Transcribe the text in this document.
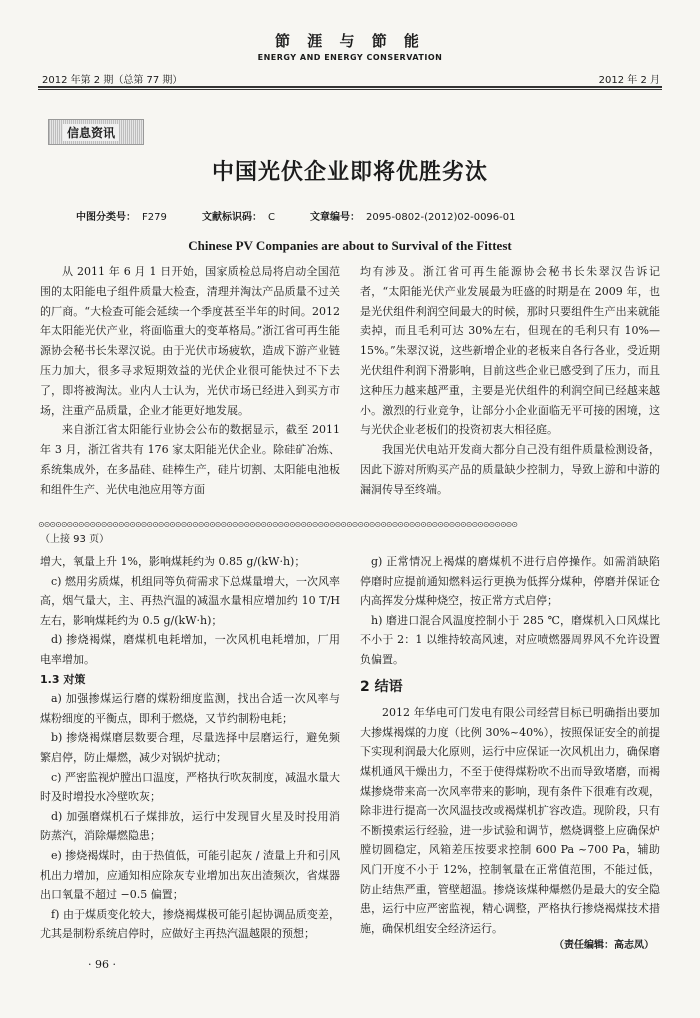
2012 年第 2 期（总第 77 期）
節 涯 与 節 能
ENERGY AND ENERGY CONSERVATION
2012 年 2 月
信息资讯
中国光伏企业即将优胜劣汰
中图分类号： F279	文献标识码： C	文章编号： 2095-0802-(2012)02-0096-01
Chinese PV Companies are about to Survival of the Fittest

从 2011 年 6 月 1 日开始，国家质检总局将启动全国范围的太阳能电子组件质量大检查，清理并淘汰产品质量不过关的厂商。“大检查可能会延续一个季度甚至半年的时间。2012 年太阳能光伏产业，将面临重大的变革格局。”浙江省可再生能源协会秘书长朱翠汉说。由于光伏市场疲软，造成下游产业链压力加大，很多寻求短期效益的光伏企业很可能快过不下去了，即将被淘汰。业内人士认为，光伏市场已经进入到买方市场，注重产品质量，企业才能更好地发展。

来自浙江省太阳能行业协会公布的数据显示，截至 2011 年 3 月，浙江省共有 176 家太阳能光伏企业。除硅矿冶炼、系统集成外，在多晶硅、硅棒生产，硅片切割、太阳能电池板和组件生产、光伏电池应用等方面

均有涉及。浙江省可再生能源协会秘书长朱翠汉告诉记者，“太阳能光伏产业发展最为旺盛的时期是在 2009 年，也是光伏组件利润空间最大的时候，那时只要组件生产出来就能卖掉，而且毛利可达 30%左右，但现在的毛利只有 10%—15%。”朱翠汉说，这些新增企业的老板来自各行各业，受近期光伏组件利润下滑影响，目前这些企业已感受到了压力，而且这种压力越来越严重，主要是光伏组件的利润空间已经越来越小。激烈的行业竞争，让部分小企业面临无平可接的困境，这与光伏企业老板们的投资初衷大相径庭。

我国光伏电站开发商大都分自己没有组件质量检测设备，因此下游对所购买产品的质量缺少控制力，导致上游和中游的漏洞传导至终端。

⊙⊙⊙⊙⊙⊙⊙⊙⊙⊙⊙⊙⊙⊙⊙⊙⊙⊙⊙⊙⊙⊙⊙⊙⊙⊙⊙⊙⊙⊙⊙⊙⊙⊙⊙⊙⊙⊙⊙⊙⊙⊙⊙⊙⊙⊙⊙⊙⊙⊙⊙⊙⊙⊙⊙⊙⊙⊙⊙⊙⊙⊙⊙⊙⊙⊙⊙⊙⊙⊙⊙⊙⊙⊙⊙⊙⊙⊙⊙⊙⊙⊙⊙⊙
（上接 93 页）

增大，氧量上升 1%，影响煤耗约为 0.85 g/(kW·h)；

c) 燃用劣质煤，机组同等负荷需求下总煤量增大，一次风率高，烟气量大，主、再热汽温的减温水量相应增加约 10 T/H 左右，影响煤耗约为 0.5 g/(kW·h)；

d) 掺烧褐煤，磨煤机电耗增加，一次风机电耗增加，厂用电率增加。

1.3 对策

a) 加强掺煤运行磨的煤粉细度监测，找出合适一次风率与煤粉细度的平衡点，即利于燃烧，又节约制粉电耗；

b) 掺烧褐煤磨层数要合理，尽量选择中层磨运行，避免频繁启停，防止爆燃，减少对锅炉扰动；

c) 严密监视炉膛出口温度，严格执行吹灰制度，减温水量大时及时增投水冷壁吹灰；

d) 加强磨煤机石子煤排放，运行中发现冒火星及时投用消防蒸汽，消除爆燃隐患；

e) 掺烧褐煤时，由于热值低，可能引起灰 / 渣量上升和引风机出力增加，应通知相应除灰专业增加出灰出渣频次，省煤器出口氧量不超过 −0.5 偏置；

f) 由于煤质变化较大，掺烧褐煤极可能引起协调品质变差，尤其是制粉系统启停时，应做好主再热汽温越限的预想；

g) 正常情况上褐煤的磨煤机不进行启停操作。如需消缺陷停磨时应提前通知燃料运行更换为低挥分煤种，停磨并保证仓内高挥发分煤种烧空，按正常方式启停；

h) 磨进口混合风温度控制小于 285 ℃，磨煤机入口风煤比不小于 2：1 以维持较高风速，对应喷燃器周界风不允许设置负偏置。

2 结语

2012 年华电可门发电有限公司经营目标已明确指出要加大掺煤褐煤的力度（比例 30%~40%），按照保证安全的前提下实现利润最大化原则，运行中应保证一次风机出力，确保磨煤机通风干燥出力，不至于使得煤粉吹不出而导致堵磨，而褐煤掺烧带来高一次风率带来的影响，现有条件下很难有改观，除非进行提高一次风温技改或褐煤机扩容改造。现阶段，只有不断摸索运行经验，进一步试验和调节，燃烧调整上应确保炉膛切圆稳定，风箱差压按要求控制 600 Pa ~700 Pa，辅助风门开度不小于 12%，控制氧量在正常值范围，不能过低，防止结焦严重，管壁超温。掺烧该煤种爆燃仍是最大的安全隐患，运行中应严密监视，精心调整，严格执行掺烧褐煤技术措施，确保机组安全经济运行。

（责任编辑：高志凤）
· 96 ·
